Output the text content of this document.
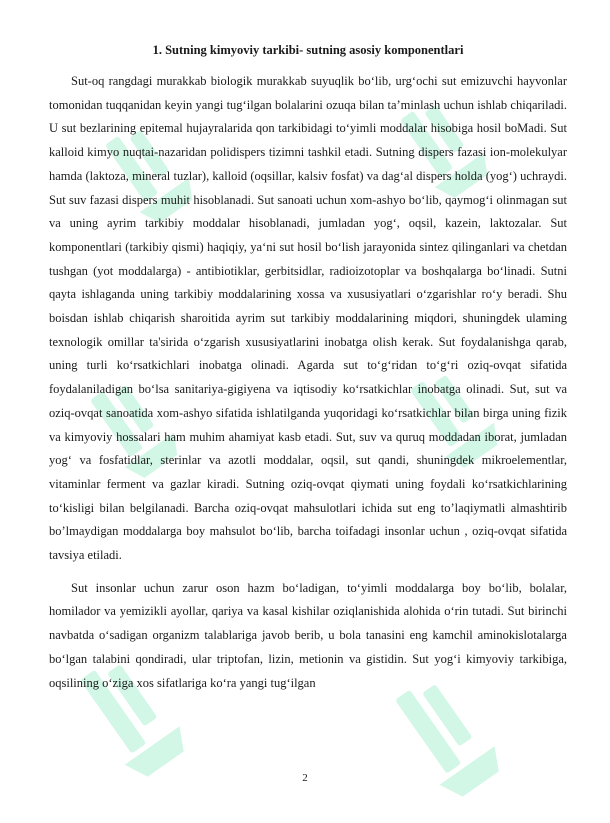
1. Sutning kimyoviy tarkibi- sutning asosiy komponentlari

Sut-oq rangdagi murakkab biologik murakkab suyuqlik bo‘lib, urg‘ochi sut emizuvchi hayvonlar tomonidan tuqqanidan keyin yangi tug‘ilgan bolalarini ozuqa bilan ta’minlash uchun ishlab chiqariladi. U sut bezlarining epitemal hujayralarida qon tarkibidagi to‘yimli moddalar hisobiga hosil boMadi. Sut kalloid kimyo nuqtai-nazaridan polidispers tizimni tashkil etadi. Sutning dispers fazasi ion-molekulyar hamda (laktoza, mineral tuzlar), kalloid (oqsillar, kalsiv fosfat) va dag‘al dispers holda (yog‘) uchraydi. Sut suv fazasi dispers muhit hisoblanadi. Sut sanoati uchun xom-ashyo bo‘lib, qaymog‘i olinmagan sut va uning ayrim tarkibiy moddalar hisoblanadi, jumladan yog‘, oqsil, kazein, laktozalar. Sut komponentlari (tarkibiy qismi) haqiqiy, ya‘ni sut hosil bo‘lish jarayonida sintez qilinganlari va chetdan tushgan (yot moddalarga) - antibiotiklar, gerbitsidlar, radioizotoplar va boshqalarga bo‘linadi. Sutni qayta ishlaganda uning tarkibiy moddalarining xossa va xususiyatlari o‘zgarishlar ro‘y beradi. Shu boisdan ishlab chiqarish sharoitida ayrim sut tarkibiy moddalarining miqdori, shuningdek ulaming texnologik omillar ta'sirida o‘zgarish xususiyatlarini inobatga olish kerak. Sut foydalanishga qarab, uning turli ko‘rsatkichlari inobatga olinadi. Agarda sut to‘g‘ridan to‘g‘ri oziq-ovqat sifatida foydalaniladigan bo‘lsa sanitariya-gigiyena va iqtisodiy ko‘rsatkichlar inobatga olinadi. Sut, sut va oziq-ovqat sanoatida xom-ashyo sifatida ishlatilganda yuqoridagi ko‘rsatkichlar bilan birga uning fizik va kimyoviy hossalari ham muhim ahamiyat kasb etadi. Sut, suv va quruq moddadan iborat, jumladan yog‘ va fosfatidlar, sterinlar va azotli moddalar, oqsil, sut qandi, shuningdek mikroelementlar, vitaminlar ferment va gazlar kiradi. Sutning oziq-ovqat qiymati uning foydali ko‘rsatkichlarining to‘kisligi bilan belgilanadi. Barcha oziq-ovqat mahsulotlari ichida sut eng to’laqiymatli almashtirib bo’lmaydigan moddalarga boy mahsulot bo‘lib, barcha toifadagi insonlar uchun , oziq-ovqat sifatida tavsiya etiladi.

Sut insonlar uchun zarur oson hazm bo‘ladigan, to‘yimli moddalarga boy bo‘lib, bolalar, homilador va yemizikli ayollar, qariya va kasal kishilar oziqlanishida alohida o‘rin tutadi. Sut birinchi navbatda o‘sadigan organizm talablariga javob berib, u bola tanasini eng kamchil aminokislotalarga bo‘lgan talabini qondiradi, ular triptofan, lizin, metionin va gistidin. Sut yog‘i kimyoviy tarkibiga, oqsilining o‘ziga xos sifatlariga ko‘ra yangi tug‘ilgan

2
